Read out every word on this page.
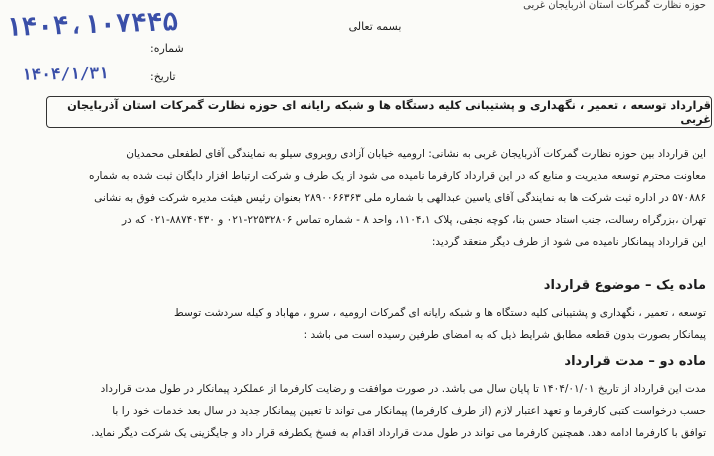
حوزه نظارت گمرکات استان آذربایجان غربی
۱۴۰۴،۱۰۷۴۴۵
شماره:
بسمه تعالی
۱۴۰۴/۱/۳۱	تاریخ:
قرارداد توسعه ، تعمیر ، نگهداری و پشتیبانی کلیه دستگاه ها و شبکه رایانه ای حوزه نظارت گمرکات استان آذربایجان غربی

این قرارداد بین حوزه نظارت گمرکات آذربایجان غربی به نشانی: ارومیه خیابان آزادی روبروی سیلو به نمایندگی آقای لطفعلی محمدیان

معاونت محترم توسعه مدیریت و منابع که در این قرارداد کارفرما نامیده می شود از یک طرف و شرکت ارتباط افزار دایگان ثبت شده به شماره

۵۷۰۸۸۶ در اداره ثبت شرکت ها به نمایندگی آقای یاسین عبدالهی با شماره ملی ۲۸۹۰۰۶۶۳۶۳ بعنوان رئیس هیئت مدیره شرکت فوق به نشانی

تهران ،بزرگراه رسالت، جنب استاد حسن بنا، کوچه نجفی، پلاک ۱۱۰۴،۱، واحد ۸ - شماره تماس ۲۲۵۳۲۸۰۶-۰۲۱ و ۸۸۷۴۰۴۳۰-۰۲۱ که در

این قرارداد پیمانکار نامیده می شود از طرف دیگر منعقد گردید:

ماده یک – موضوع قرارداد

توسعه ، تعمیر ، نگهداری و پشتیبانی کلیه دستگاه ها و شبکه رایانه ای گمرکات ارومیه ، سرو ، مهاباد و کیله سردشت توسط

پیمانکار بصورت بدون قطعه مطابق شرایط ذیل که به امضای طرفین رسیده است می باشد :

ماده دو – مدت قرارداد

مدت این قرارداد از تاریخ ۱۴۰۴/۰۱/۰۱ تا پایان سال می باشد. در صورت موافقت و رضایت کارفرما از عملکرد پیمانکار در طول مدت قرارداد

حسب درخواست کتبی کارفرما و تعهد اعتبار لازم (از طرف کارفرما) پیمانکار می تواند تا تعیین پیمانکار جدید در سال بعد خدمات خود را با

توافق با کارفرما ادامه دهد. همچنین کارفرما می تواند در طول مدت قرارداد اقدام به فسخ یکطرفه قرار داد و جایگزینی یک شرکت دیگر نماید.
